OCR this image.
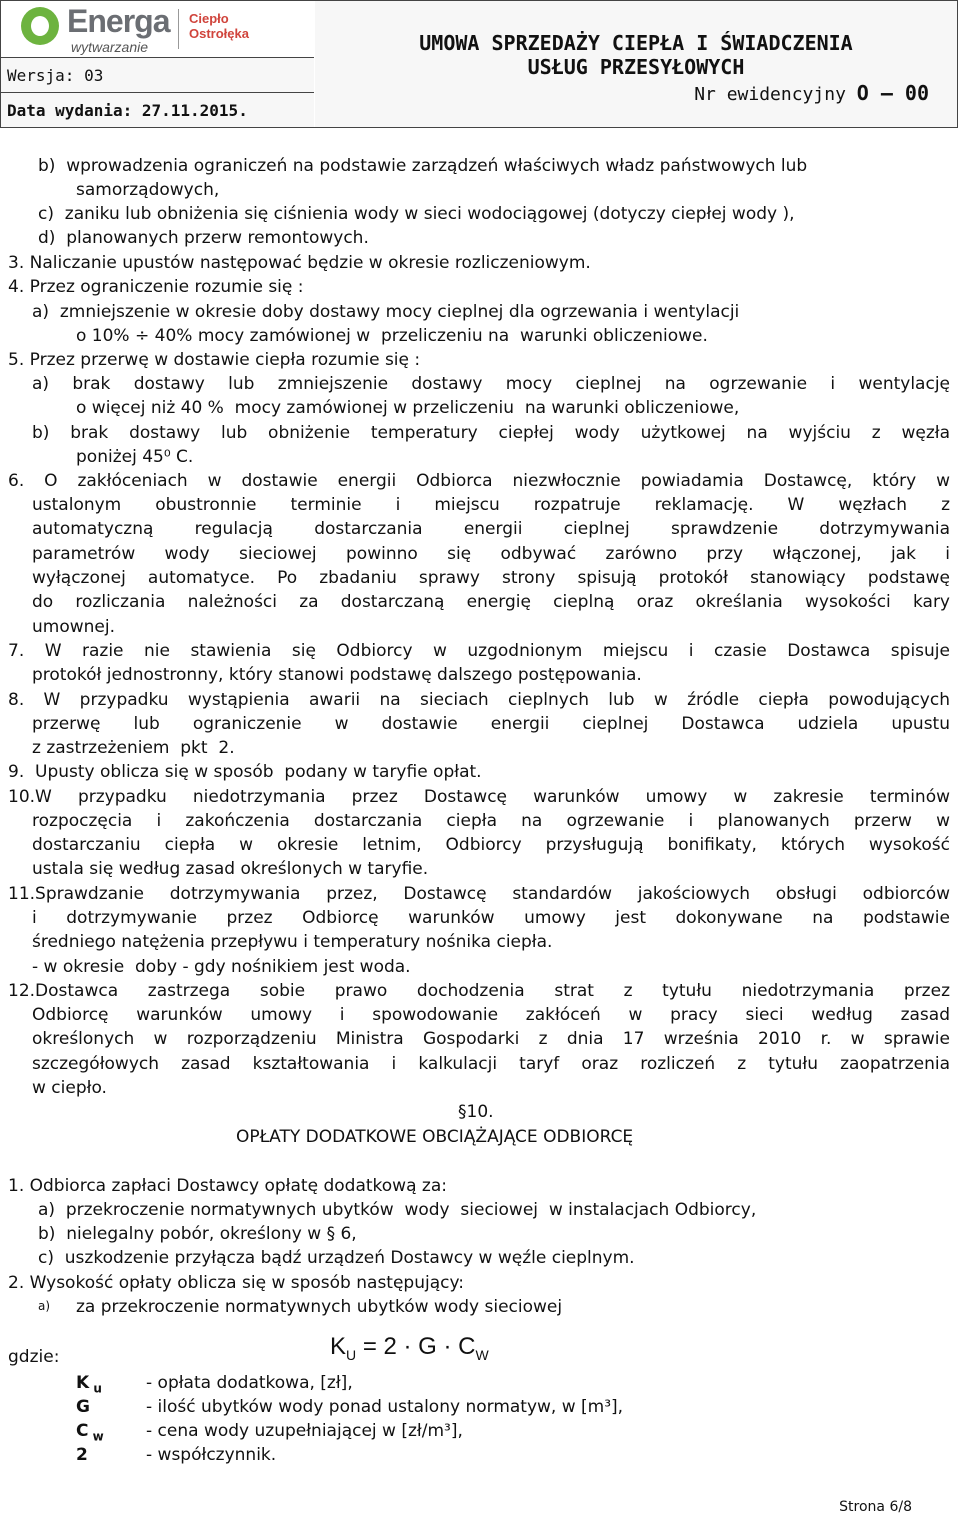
Energa
wytwarzanie
Ciepło
Ostrołęka
Wersja: 03
Data wydania: 27.11.2015.
UMOWA SPRZEDAŻY CIEPŁA I ŚWIADCZENIA
USŁUG PRZESYŁOWYCH
Nr ewidencyjny O – 00
b)  wprowadzenia ograniczeń na podstawie zarządzeń właściwych władz państwowych lub
samorządowych,
c)  zaniku lub obniżenia się ciśnienia wody w sieci wodociągowej (dotyczy ciepłej wody ),
d)  planowanych przerw remontowych.
3. Naliczanie upustów następować będzie w okresie rozliczeniowym.
4. Przez ograniczenie rozumie się :
a)  zmniejszenie w okresie doby dostawy mocy cieplnej dla ogrzewania i wentylacji
o 10% ÷ 40% mocy zamówionej w  przeliczeniu na  warunki obliczeniowe.
5. Przez przerwę w dostawie ciepła rozumie się :
a) brak dostawy lub zmniejszenie dostawy mocy cieplnej na ogrzewanie i wentylację
o więcej niż 40 %  mocy zamówionej w przeliczeniu  na warunki obliczeniowe,
b) brak dostawy lub obniżenie temperatury ciepłej wody użytkowej na wyjściu z węzła
poniżej 45⁰ C.
6. O zakłóceniach w dostawie energii Odbiorca niezwłocznie powiadamia Dostawcę, który w
ustalonym obustronnie terminie i miejscu rozpatruje reklamację. W węzłach z
automatyczną regulacją dostarczania energii cieplnej sprawdzenie dotrzymywania
parametrów wody sieciowej powinno się odbywać zarówno przy włączonej, jak i
wyłączonej automatyce. Po zbadaniu sprawy strony spisują protokół stanowiący podstawę
do rozliczania należności za dostarczaną energię cieplną oraz określania wysokości kary
umownej.
7. W razie nie stawienia się Odbiorcy w uzgodnionym miejscu i czasie Dostawca spisuje
protokół jednostronny, który stanowi podstawę dalszego postępowania.
8. W przypadku wystąpienia awarii na sieciach cieplnych lub w źródle ciepła powodujących
przerwę lub ograniczenie w dostawie energii cieplnej Dostawca udziela upustu
z zastrzeżeniem  pkt  2.
9.  Upusty oblicza się w sposób  podany w taryfie opłat.
10.W przypadku niedotrzymania przez Dostawcę warunków umowy w zakresie terminów
rozpoczęcia i zakończenia dostarczania ciepła na ogrzewanie i planowanych przerw w
dostarczaniu ciepła w okresie letnim, Odbiorcy przysługują bonifikaty, których wysokość
ustala się według zasad określonych w taryfie.
11.Sprawdzanie dotrzymywania przez, Dostawcę standardów jakościowych obsługi odbiorców
i dotrzymywanie przez Odbiorcę warunków umowy jest dokonywane na podstawie
średniego natężenia przepływu i temperatury nośnika ciepła.
- w okresie  doby - gdy nośnikiem jest woda.
12.Dostawca zastrzega sobie prawo dochodzenia strat z tytułu niedotrzymania przez
Odbiorcę warunków umowy i spowodowanie zakłóceń w pracy sieci według zasad
określonych w rozporządzeniu Ministra Gospodarki z dnia 17 września 2010 r. w sprawie
szczegółowych zasad kształtowania i kalkulacji taryf oraz rozliczeń z tytułu zaopatrzenia
w ciepło.
§10.
OPŁATY DODATKOWE OBCIĄŻAJĄCE ODBIORCĘ
1. Odbiorca zapłaci Dostawcy opłatę dodatkową za:
a)  przekroczenie normatywnych ubytków  wody  sieciowej  w instalacjach Odbiorcy,
b)  nielegalny pobór, określony w § 6,
c)  uszkodzenie przyłącza bądź urządzeń Dostawcy w węźle cieplnym.
2. Wysokość opłaty oblicza się w sposób następujący:
a) za przekroczenie normatywnych ubytków wody sieciowej
gdzie:	$K_U = 2 \cdot G \cdot C_W$
K $_u$	- opłata dodatkowa, [zł],
G	- ilość ubytków wody ponad ustalony normatyw, w [m³],
C $_w$ - cena wody uzupełniającej w [zł/m³],
2	- współczynnik.
Strona 6/8
